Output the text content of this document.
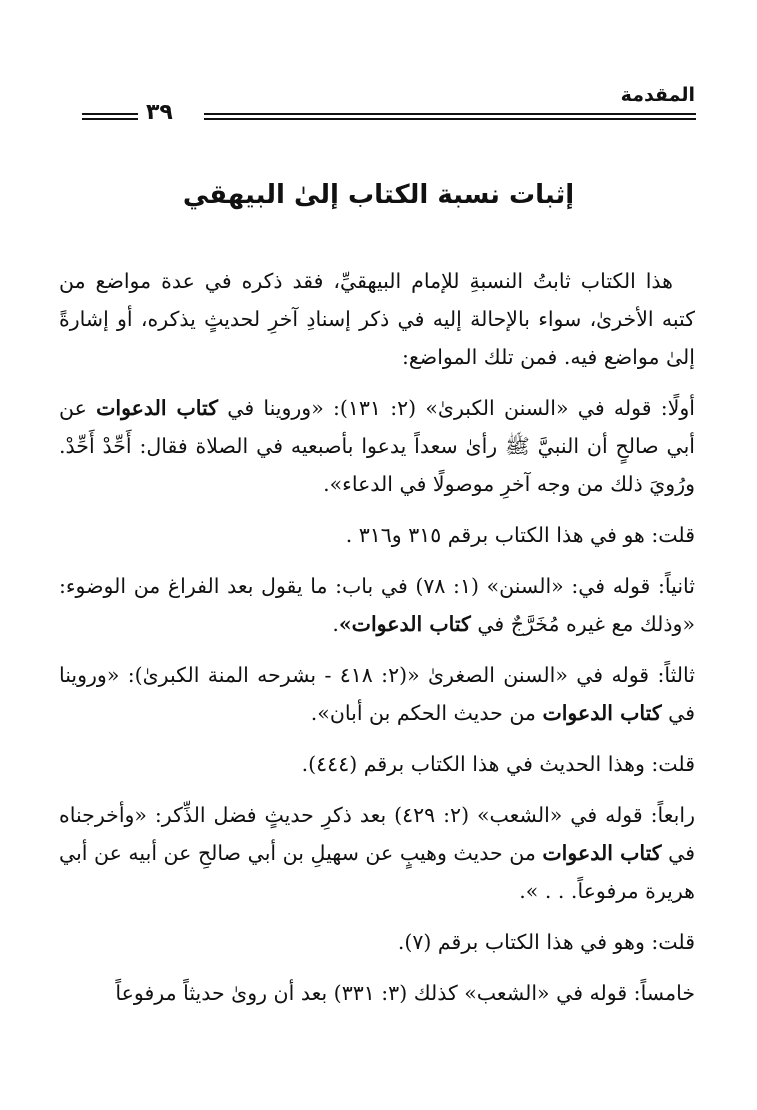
المقدمة
٣٩
إثبات نسبة الكتاب إلىٰ البيهقي

هذا الكتاب ثابتُ النسبةِ للإمام البيهقيِّ، فقد ذكره في عدة مواضع من كتبه الأخرىٰ، سواء بالإحالة إليه في ذكر إسنادِ آخرِ لحديثٍ يذكره، أو إشارةً إلىٰ مواضع فيه. فمن تلك المواضع:

أولًا: قوله في «السنن الكبرىٰ» (٢: ١٣١): «وروينا في كتاب الدعوات عن أبي صالحٍ أن النبيَّ ﷺ رأىٰ سعداً يدعوا بأصبعيه في الصلاة فقال: أَحِّدْ أَحِّدْ. ورُويَ ذلك من وجه آخرِ موصولًا في الدعاء».

قلت: هو في هذا الكتاب برقم ٣١٥ و٣١٦ .

ثانياً: قوله في: «السنن» (١: ٧٨) في باب: ما يقول بعد الفراغ من الوضوء: «وذلك مع غيره مُخَرَّجٌ في كتاب الدعوات».

ثالثاً: قوله في «السنن الصغرىٰ «(٢: ٤١٨ - بشرحه المنة الكبرىٰ): «وروينا في كتاب الدعوات من حديث الحكم بن أبان».

قلت: وهذا الحديث في هذا الكتاب برقم (٤٤٤).

رابعاً: قوله في «الشعب» (٢: ٤٢٩) بعد ذكرِ حديثٍ فضل الذِّكر: «وأخرجناه في كتاب الدعوات من حديث وهيبٍ عن سهيلِ بن أبي صالحِ عن أبيه عن أبي هريرة مرفوعاً. . . ».

قلت: وهو في هذا الكتاب برقم (٧).

خامساً: قوله في «الشعب» كذلك (٣: ٣٣١) بعد أن روىٰ حديثاً مرفوعاً
